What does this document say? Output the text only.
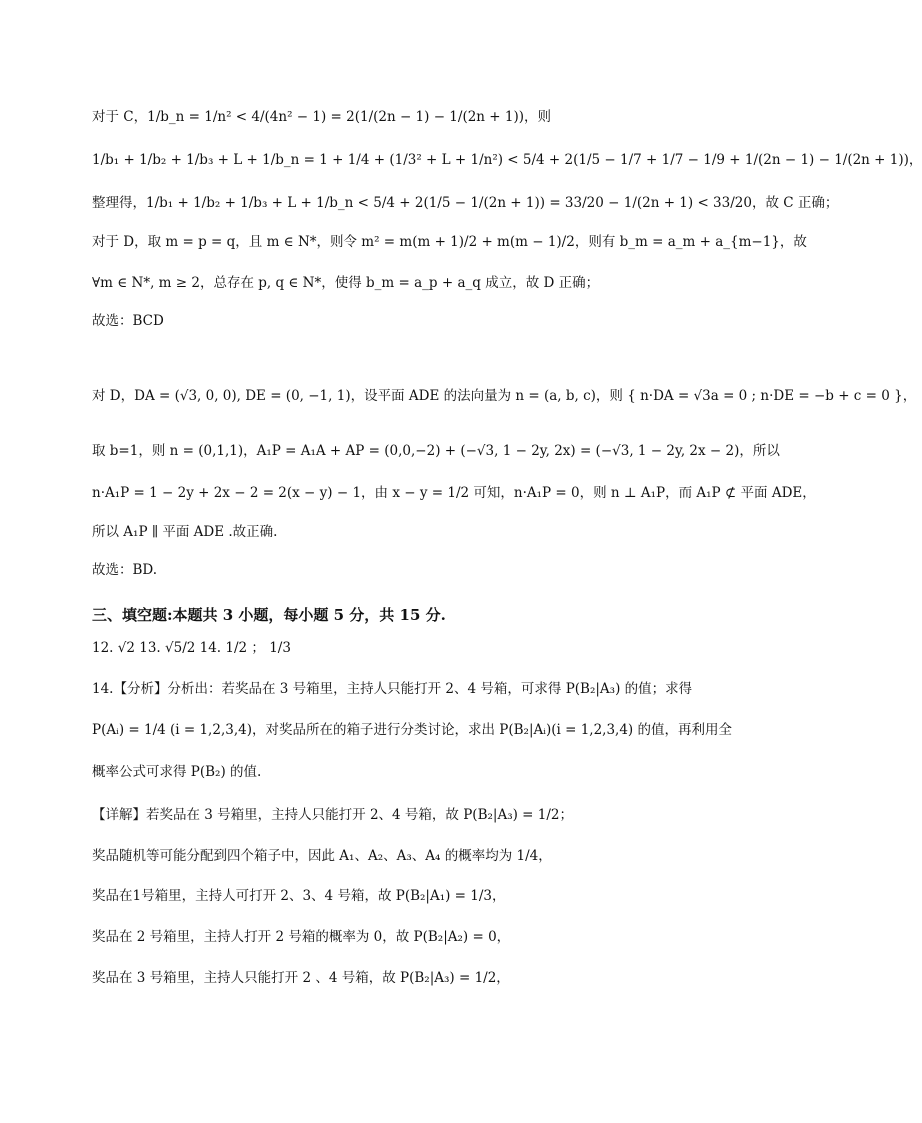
对于 C，1/b_n = 1/n² < 4/(4n² − 1) = 2(1/(2n − 1) − 1/(2n + 1))，则
1/b₁ + 1/b₂ + 1/b₃ + L + 1/b_n = 1 + 1/4 + (1/3² + L + 1/n²) < 5/4 + 2(1/5 − 1/7 + 1/7 − 1/9 + 1/(2n − 1) − 1/(2n + 1))，
整理得，1/b₁ + 1/b₂ + 1/b₃ + L + 1/b_n < 5/4 + 2(1/5 − 1/(2n + 1)) = 33/20 − 1/(2n + 1) < 33/20，故 C 正确；
对于 D，取 m = p = q，且 m ∈ N*，则令 m² = m(m + 1)/2 + m(m − 1)/2，则有 b_m = a_m + a_{m−1}，故
∀m ∈ N*, m ≥ 2，总存在 p, q ∈ N*，使得 b_m = a_p + a_q 成立，故 D 正确；
故选：BCD
对 D，DA = (√3, 0, 0), DE = (0, −1, 1)，设平面 ADE 的法向量为 n = (a, b, c)，则 { n·DA = √3a = 0 ; n·DE = −b + c = 0 }，
取 b=1，则 n = (0,1,1)，A₁P = A₁A + AP = (0,0,−2) + (−√3, 1 − 2y, 2x) = (−√3, 1 − 2y, 2x − 2)，所以
n·A₁P = 1 − 2y + 2x − 2 = 2(x − y) − 1，由 x − y = 1/2 可知，n·A₁P = 0，则 n ⊥ A₁P，而 A₁P ⊄ 平面 ADE，
所以 A₁P ∥ 平面 ADE .故正确.
故选：BD.
三、填空题:本题共 3 小题，每小题 5 分，共 15 分.
12. √2 13. √5/2 14. 1/2 ； 1/3
14.【分析】分析出：若奖品在 3 号箱里，主持人只能打开 2、4 号箱，可求得 P(B₂|A₃) 的值；求得
P(Aᵢ) = 1/4 (i = 1,2,3,4)，对奖品所在的箱子进行分类讨论，求出 P(B₂|Aᵢ)(i = 1,2,3,4) 的值，再利用全
概率公式可求得 P(B₂) 的值.
【详解】若奖品在 3 号箱里，主持人只能打开 2、4 号箱，故 P(B₂|A₃) = 1/2；
奖品随机等可能分配到四个箱子中，因此 A₁、A₂、A₃、A₄ 的概率均为 1/4，
奖品在1号箱里，主持人可打开 2、3、4 号箱，故 P(B₂|A₁) = 1/3，
奖品在 2 号箱里，主持人打开 2 号箱的概率为 0，故 P(B₂|A₂) = 0，
奖品在 3 号箱里，主持人只能打开 2 、4 号箱，故 P(B₂|A₃) = 1/2，
